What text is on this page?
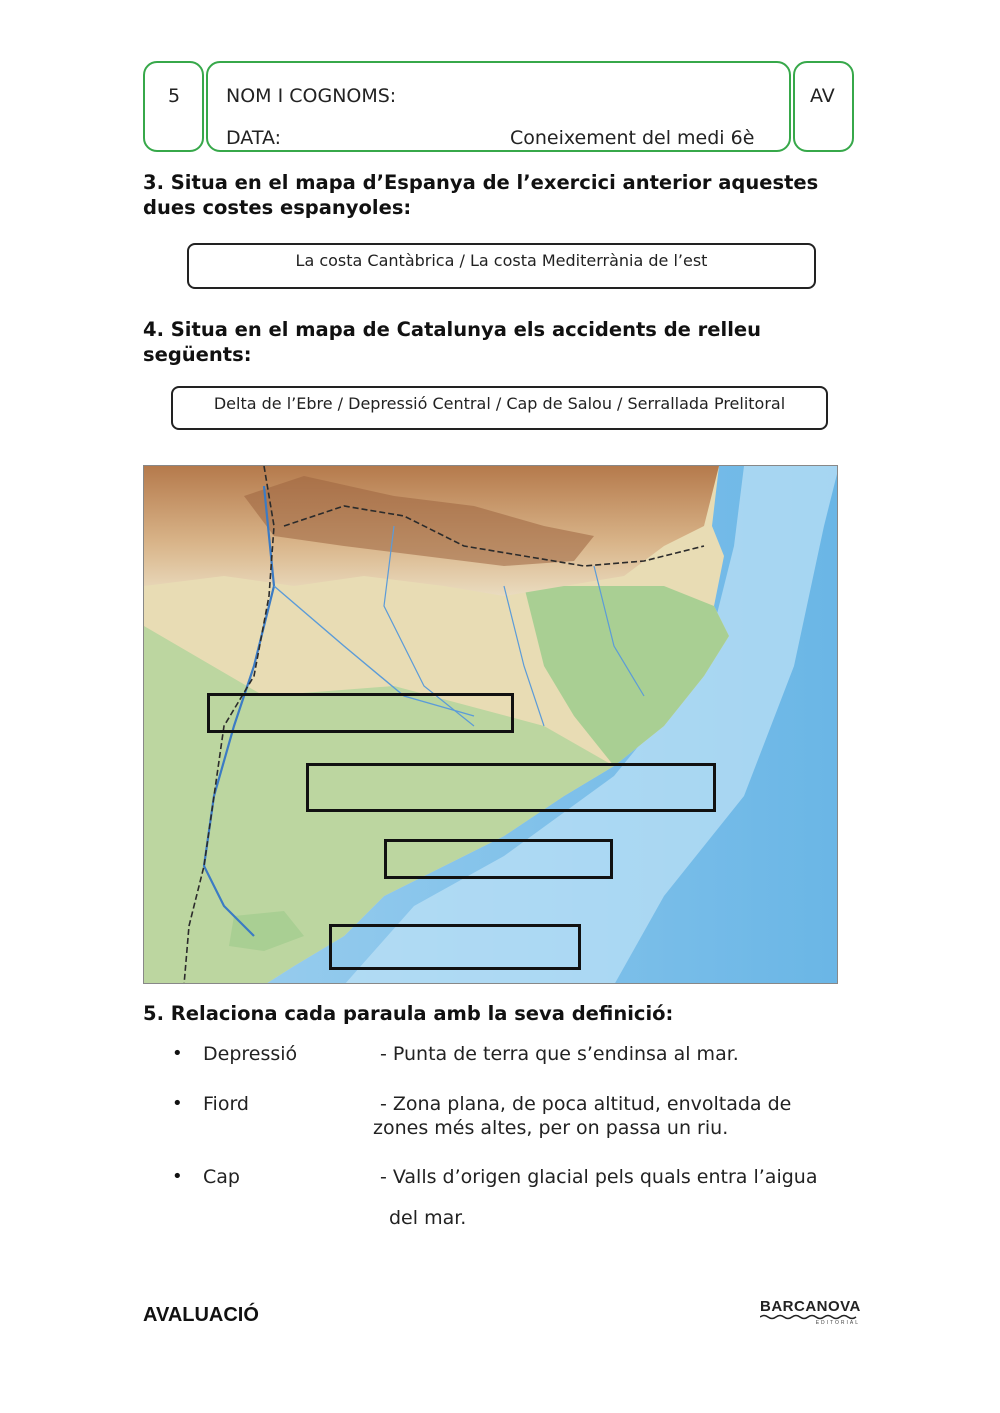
5 NOM I COGNOMS:
DATA:	Coneixement del medi 6è
AV
3. Situa en el mapa d’Espanya de l’exercici anterior aquestes dues costes espanyoles:
La costa Cantàbrica / La costa Mediterrània de l’est
4. Situa en el mapa de Catalunya els accidents de relleu següents:
Delta de l’Ebre / Depressió Central / Cap de Salou / Serrallada Prelitoral
5. Relaciona cada paraula amb la seva definició:
• Depressió	- Punta de terra que s’endinsa al mar.
• Fiord	- Zona plana, de poca altitud, envoltada de
zones més altes, per on passa un riu.
• Cap	- Valls d’origen glacial pels quals entra l’aigua
del mar.
AVALUACIÓ	BARCANOVA
EDITORIAL
